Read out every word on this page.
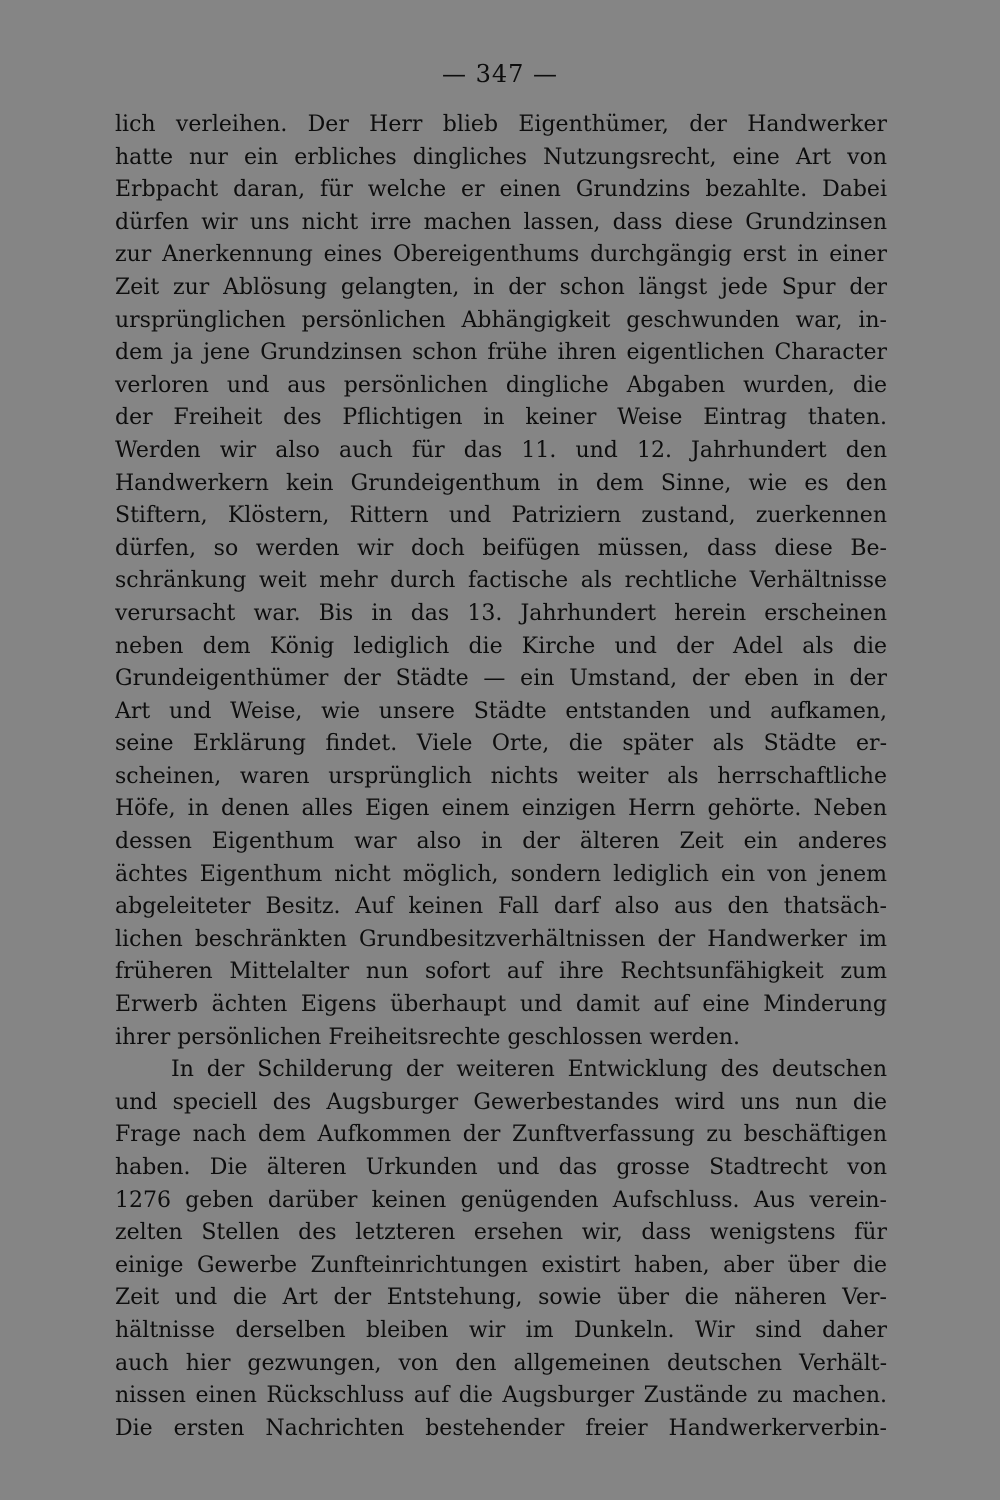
— 347 —
lich verleihen. Der Herr blieb Eigenthümer, der Handwerker
hatte nur ein erbliches dingliches Nutzungsrecht, eine Art von
Erbpacht daran, für welche er einen Grundzins bezahlte. Dabei
dürfen wir uns nicht irre machen lassen, dass diese Grundzinsen
zur Anerkennung eines Obereigenthums durchgängig erst in einer
Zeit zur Ablösung gelangten, in der schon längst jede Spur der
ursprünglichen persönlichen Abhängigkeit geschwunden war, in-
dem ja jene Grundzinsen schon frühe ihren eigentlichen Character
verloren und aus persönlichen dingliche Abgaben wurden, die
der Freiheit des Pflichtigen in keiner Weise Eintrag thaten.
Werden wir also auch für das 11. und 12. Jahrhundert den
Handwerkern kein Grundeigenthum in dem Sinne, wie es den
Stiftern, Klöstern, Rittern und Patriziern zustand, zuerkennen
dürfen, so werden wir doch beifügen müssen, dass diese Be-
schränkung weit mehr durch factische als rechtliche Verhältnisse
verursacht war. Bis in das 13. Jahrhundert herein erscheinen
neben dem König lediglich die Kirche und der Adel als die
Grundeigenthümer der Städte — ein Umstand, der eben in der
Art und Weise, wie unsere Städte entstanden und aufkamen,
seine Erklärung findet. Viele Orte, die später als Städte er-
scheinen, waren ursprünglich nichts weiter als herrschaftliche
Höfe, in denen alles Eigen einem einzigen Herrn gehörte. Neben
dessen Eigenthum war also in der älteren Zeit ein anderes
ächtes Eigenthum nicht möglich, sondern lediglich ein von jenem
abgeleiteter Besitz. Auf keinen Fall darf also aus den thatsäch-
lichen beschränkten Grundbesitzverhältnissen der Handwerker im
früheren Mittelalter nun sofort auf ihre Rechtsunfähigkeit zum
Erwerb ächten Eigens überhaupt und damit auf eine Minderung
ihrer persönlichen Freiheitsrechte geschlossen werden.
In der Schilderung der weiteren Entwicklung des deutschen
und speciell des Augsburger Gewerbestandes wird uns nun die
Frage nach dem Aufkommen der Zunftverfassung zu beschäftigen
haben. Die älteren Urkunden und das grosse Stadtrecht von
1276 geben darüber keinen genügenden Aufschluss. Aus verein-
zelten Stellen des letzteren ersehen wir, dass wenigstens für
einige Gewerbe Zunfteinrichtungen existirt haben, aber über die
Zeit und die Art der Entstehung, sowie über die näheren Ver-
hältnisse derselben bleiben wir im Dunkeln. Wir sind daher
auch hier gezwungen, von den allgemeinen deutschen Verhält-
nissen einen Rückschluss auf die Augsburger Zustände zu machen.
Die ersten Nachrichten bestehender freier Handwerkerverbin-
